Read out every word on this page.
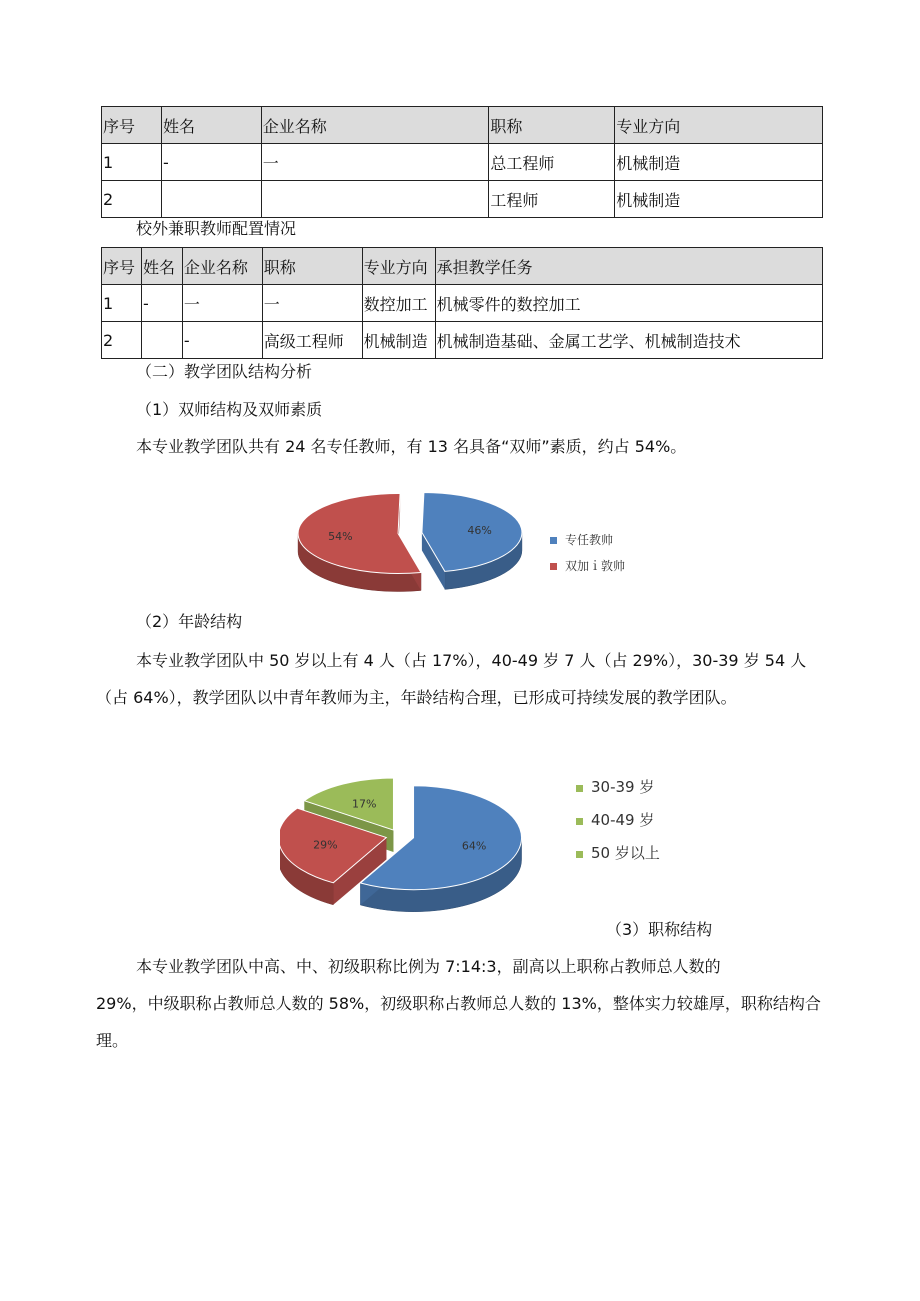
序号	姓名	企业名称	职称	专业方向
1	-	一	总工程师	机械制造
2			工程师	机械制造
校外兼职教师配置情况
序号	姓名	企业名称	职称	专业方向	承担教学任务
1	-	一	一	数控加工	机械零件的数控加工
2		-	高级工程师	机械制造	机械制造基础、金属工艺学、机械制造技术
（二）教学团队结构分析
（1）双师结构及双师素质
本专业教学团队共有 24 名专任教师，有 13 名具备“双师”素质，约占 54%。
46%
54%	专任教帅
双加ｉ敦帅
（2）年龄结构
本专业教学团队中 50 岁以上有 4 人（占 17%），40-49 岁 7 人（占 29%），30-39 岁 54 人
（占 64%），教学团队以中青年教师为主，年龄结构合理，已形成可持续发展的教学团队。
17%
29%	64%
30-39 岁
40-49 岁
50 岁以上
（3）职称结构
本专业教学团队中高、中、初级职称比例为 7:14:3，副高以上职称占教师总人数的
29%，中级职称占教师总人数的 58%，初级职称占教师总人数的 13%，整体实力较雄厚，职称结构合
理。
